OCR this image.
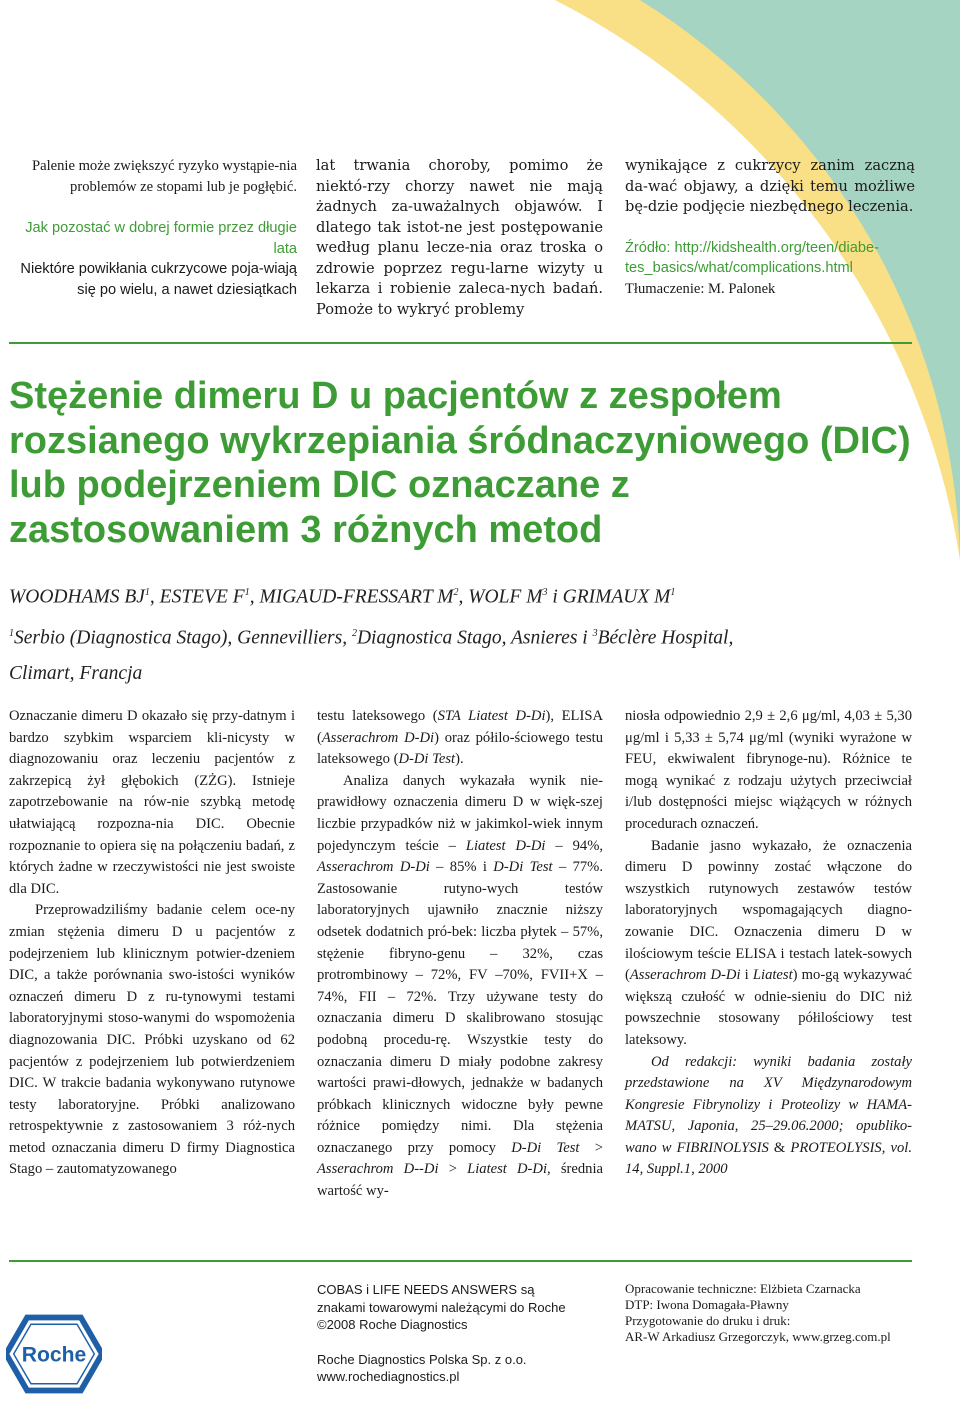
Palenie może zwiększyć ryzyko wystąpie-nia problemów ze stopami lub je pogłębić.

Jak pozostać w dobrej formie przez długie lata

Niektóre powikłania cukrzycowe poja-wiają się po wielu, a nawet dziesiątkach

lat trwania choroby, pomimo że niektó-rzy chorzy nawet nie mają żadnych za-uważalnych objawów. I dlatego tak istot-ne jest postępowanie według planu lecze-nia oraz troska o zdrowie poprzez regu-larne wizyty u lekarza i robienie zaleca-nych badań. Pomoże to wykryć problemy

wynikające z cukrzycy zanim zaczną da-wać objawy, a dzięki temu możliwe bę-dzie podjęcie niezbędnego leczenia.

Źródło: http://kidshealth.org/teen/diabe-tes_basics/what/complications.html

Tłumaczenie: M. Palonek

Stężenie dimeru D u pacjentów z zespołem rozsianego wykrzepiania śródnaczyniowego (DIC) lub podejrzeniem DIC oznaczane z zastosowaniem 3 różnych metod
WOODHAMS $BJ^1$, ESTEVE $F^1$, MIGAUD-FRESSART $M^2$, WOLF $M^3$ i GRIMAUX $M^1$
$^1$Serbio (Diagnostica Stago), Gennevilliers, $^2$Diagnostica Stago, Asnieres i $^3$Béclère Hospital,
Climart, Francja

Oznaczanie dimeru D okazało się przy-datnym i bardzo szybkim wsparciem kli-nicysty w diagnozowaniu oraz leczeniu pacjentów z zakrzepicą żył głębokich (ZŻG). Istnieje zapotrzebowanie na rów-nie szybką metodę ułatwiającą rozpozna-nia DIC. Obecnie rozpoznanie to opiera się na połączeniu badań, z których żadne w rzeczywistości nie jest swoiste dla DIC.

Przeprowadziliśmy badanie celem oce-ny zmian stężenia dimeru D u pacjentów z podejrzeniem lub klinicznym potwier-dzeniem DIC, a także porównania swo-istości wyników oznaczeń dimeru D z ru-tynowymi testami laboratoryjnymi stoso-wanymi do wspomożenia diagnozowania DIC. Próbki uzyskano od 62 pacjentów z podejrzeniem lub potwierdzeniem DIC. W trakcie badania wykonywano rutynowe testy laboratoryjne. Próbki analizowano retrospektywnie z zastosowaniem 3 róż-nych metod oznaczania dimeru D firmy Diagnostica Stago – zautomatyzowanego

testu lateksowego (STA Liatest D-Di), ELISA (Asserachrom D-Di) oraz półilo-ściowego testu lateksowego (D-Di Test).

Analiza danych wykazała wynik nie-prawidłowy oznaczenia dimeru D w więk-szej liczbie przypadków niż w jakimkol-wiek innym pojedynczym teście – Liatest D-Di – 94%, Asserachrom D-Di – 85% i D-Di Test – 77%. Zastosowanie rutyno-wych testów laboratoryjnych ujawniło znacznie niższy odsetek dodatnich pró-bek: liczba płytek – 57%, stężenie fibryno-genu – 32%, czas protrombinowy – 72%, FV –70%, FVII+X – 74%, FII – 72%. Trzy używane testy do oznaczania dimeru D skalibrowano stosując podobną procedu-rę. Wszystkie testy do oznaczania dimeru D miały podobne zakresy wartości prawi-dłowych, jednakże w badanych próbkach klinicznych widoczne były pewne różnice pomiędzy nimi. Dla stężenia oznaczanego przy pomocy D-Di Test > Asserachrom D--Di > Liatest D-Di, średnia wartość wy-

niosła odpowiednio 2,9 ± 2,6 μg/ml, 4,03 ± 5,30 μg/ml i 5,33 ± 5,74 μg/ml (wyniki wyrażone w FEU, ekwiwalent fibrynoge-nu). Różnice te mogą wynikać z rodzaju użytych przeciwciał i/lub dostępności miejsc wiążących w różnych procedurach oznaczeń.

Badanie jasno wykazało, że oznaczenia dimeru D powinny zostać włączone do wszystkich rutynowych zestawów testów laboratoryjnych wspomagających diagno-zowanie DIC. Oznaczenia dimeru D w ilościowym teście ELISA i testach latek-sowych (Asserachrom D-Di i Liatest) mo-gą wykazywać większą czułość w odnie-sieniu do DIC niż powszechnie stosowany półilościowy test lateksowy.

Od redakcji: wyniki badania zostały przedstawione na XV Międzynarodowym Kongresie Fibrynolizy i Proteolizy w HAMA-MATSU, Japonia, 25–29.06.2000; opubliko-wano w FIBRINOLYSIS & PROTEOLYSIS, vol. 14, Suppl.1, 2000

Roche
COBAS i LIFE NEEDS ANSWERS są
znakami towarowymi należącymi do Roche
©2008 Roche Diagnostics
Roche Diagnostics Polska Sp. z o.o.
www.rochediagnostics.pl
Opracowanie techniczne: Elżbieta Czarnacka
DTP: Iwona Domagała-Pławny
Przygotowanie do druku i druk:
AR-W Arkadiusz Grzegorczyk, www.grzeg.com.pl
